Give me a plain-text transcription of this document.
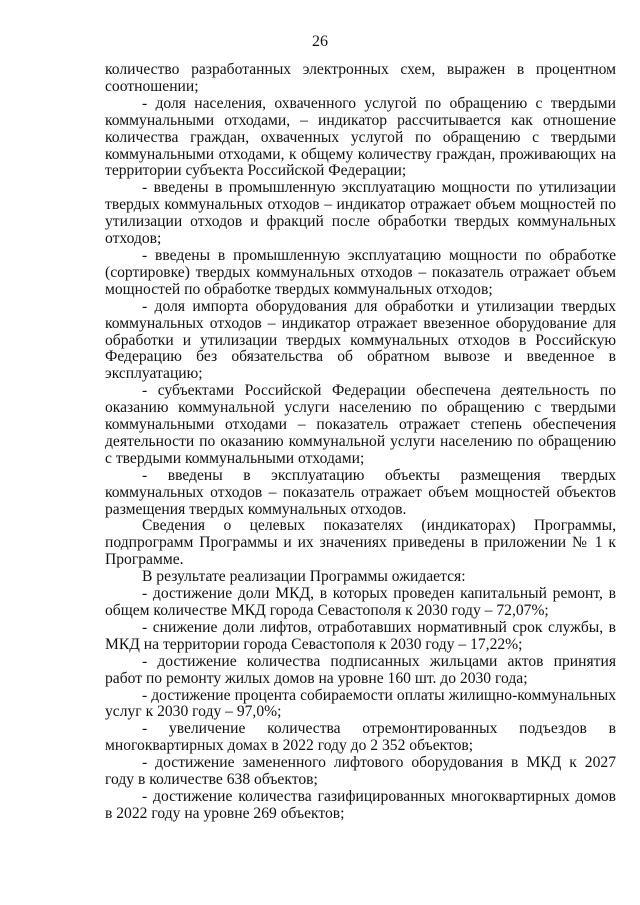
26

количество разработанных электронных схем, выражен в процентном соотношении;

- доля населения, охваченного услугой по обращению с твердыми коммунальными отходами, – индикатор рассчитывается как отношение количества граждан, охваченных услугой по обращению с твердыми коммунальными отходами, к общему количеству граждан, проживающих на территории субъекта Российской Федерации;

- введены в промышленную эксплуатацию мощности по утилизации твердых коммунальных отходов – индикатор отражает объем мощностей по утилизации отходов и фракций после обработки твердых коммунальных отходов;

- введены в промышленную эксплуатацию мощности по обработке (сортировке) твердых коммунальных отходов – показатель отражает объем мощностей по обработке твердых коммунальных отходов;

- доля импорта оборудования для обработки и утилизации твердых коммунальных отходов – индикатор отражает ввезенное оборудование для обработки и утилизации твердых коммунальных отходов в Российскую Федерацию без обязательства об обратном вывозе и введенное в эксплуатацию;

- субъектами Российской Федерации обеспечена деятельность по оказанию коммунальной услуги населению по обращению с твердыми коммунальными отходами – показатель отражает степень обеспечения деятельности по оказанию коммунальной услуги населению по обращению с твердыми коммунальными отходами;

- введены в эксплуатацию объекты размещения твердых коммунальных отходов – показатель отражает объем мощностей объектов размещения твердых коммунальных отходов.

Сведения о целевых показателях (индикаторах) Программы, подпрограмм Программы и их значениях приведены в приложении № 1 к Программе.

В результате реализации Программы ожидается:

- достижение доли МКД, в которых проведен капитальный ремонт, в общем количестве МКД города Севастополя к 2030 году – 72,07%;

- снижение доли лифтов, отработавших нормативный срок службы, в МКД на территории города Севастополя к 2030 году – 17,22%;

- достижение количества подписанных жильцами актов принятия работ по ремонту жилых домов на уровне 160 шт. до 2030 года;

- достижение процента собираемости оплаты жилищно-коммунальных услуг к 2030 году – 97,0%;

- увеличение количества отремонтированных подъездов в многоквартирных домах в 2022 году до 2 352 объектов;

- достижение замененного лифтового оборудования в МКД к 2027 году в количестве 638 объектов;

- достижение количества газифицированных многоквартирных домов в 2022 году на уровне 269 объектов;
